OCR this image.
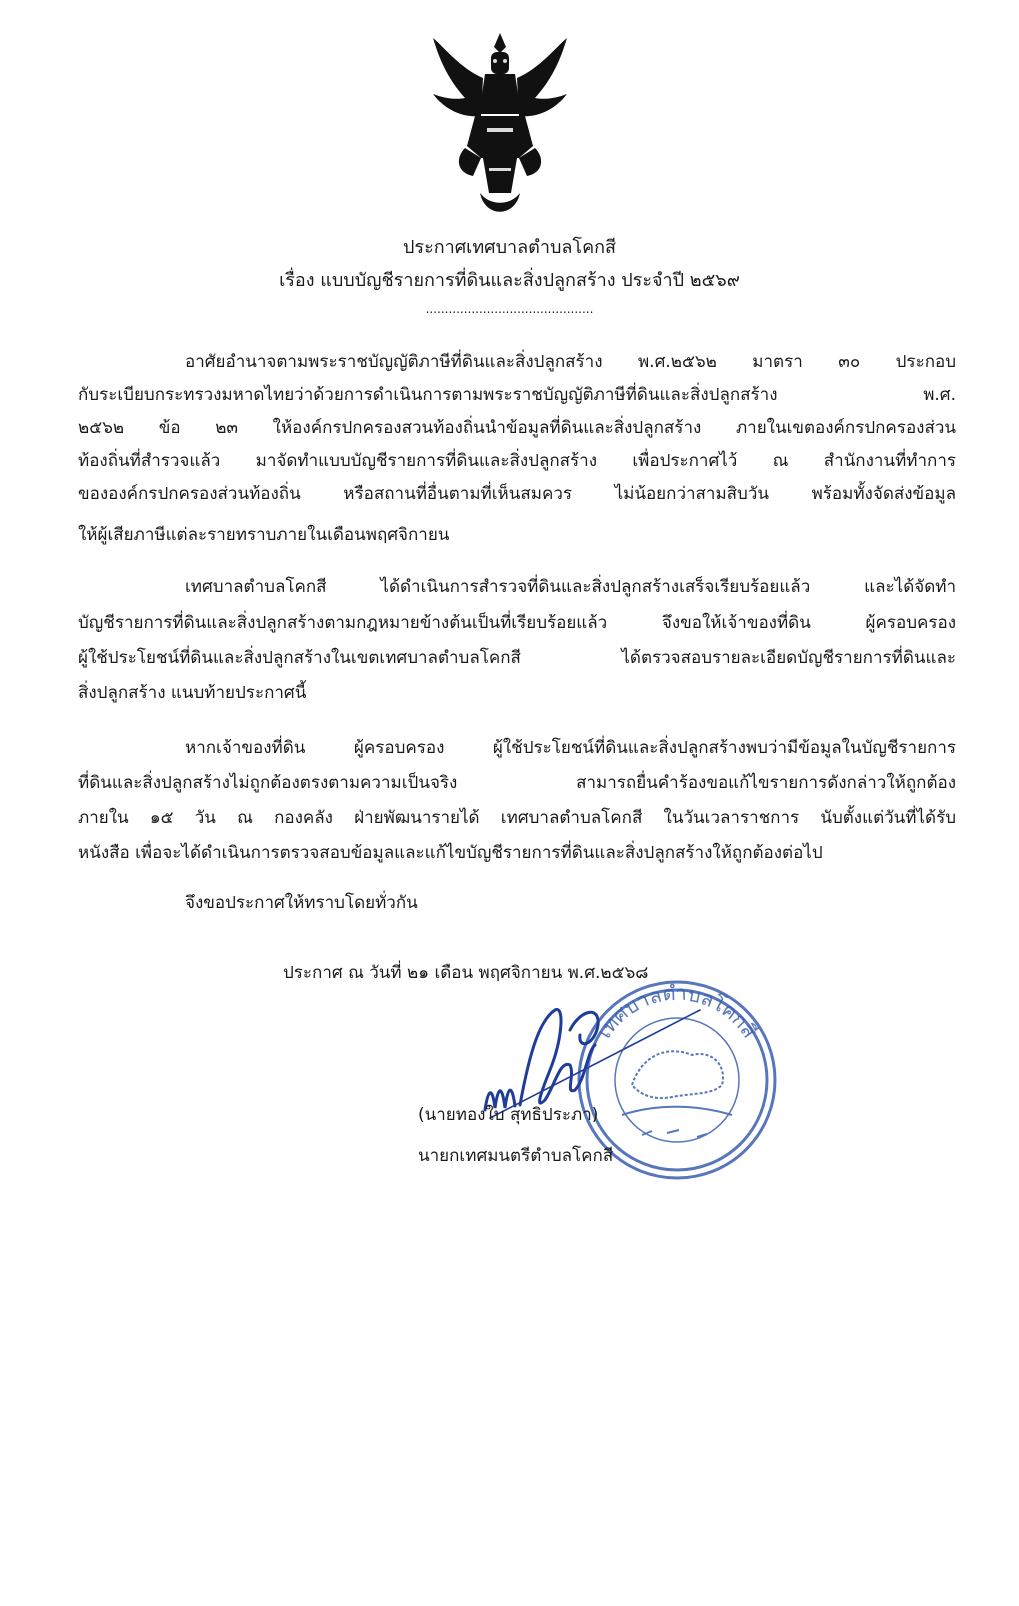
ประกาศเทศบาลตำบลโคกสี
เรื่อง แบบบัญชีรายการที่ดินและสิ่งปลูกสร้าง ประจำปี ๒๕๖๙
............................................
อาศัยอำนาจตามพระราชบัญญัติภาษีที่ดินและสิ่งปลูกสร้าง พ.ศ.๒๕๖๒ มาตรา ๓๐ ประกอบ
กับระเบียบกระทรวงมหาดไทยว่าด้วยการดำเนินการตามพระราชบัญญัติภาษีที่ดินและสิ่งปลูกสร้าง พ.ศ.
๒๕๖๒ ข้อ ๒๓ ให้องค์กรปกครองสวนท้องถิ่นนำข้อมูลที่ดินและสิ่งปลูกสร้าง ภายในเขตองค์กรปกครองส่วน
ท้องถิ่นที่สำรวจแล้ว มาจัดทำแบบบัญชีรายการที่ดินและสิ่งปลูกสร้าง เพื่อประกาศไว้ ณ สำนักงานที่ทำการ
ขององค์กรปกครองส่วนท้องถิ่น หรือสถานที่อื่นตามที่เห็นสมควร ไม่น้อยกว่าสามสิบวัน พร้อมทั้งจัดส่งข้อมูล
ให้ผู้เสียภาษีแต่ละรายทราบภายในเดือนพฤศจิกายน
เทศบาลตำบลโคกสี ได้ดำเนินการสำรวจที่ดินและสิ่งปลูกสร้างเสร็จเรียบร้อยแล้ว และได้จัดทำ
บัญชีรายการที่ดินและสิ่งปลูกสร้างตามกฎหมายข้างต้นเป็นที่เรียบร้อยแล้ว จึงขอให้เจ้าของที่ดิน ผู้ครอบครอง
ผู้ใช้ประโยชน์ที่ดินและสิ่งปลูกสร้างในเขตเทศบาลตำบลโคกสี ได้ตรวจสอบรายละเอียดบัญชีรายการที่ดินและ
สิ่งปลูกสร้าง แนบท้ายประกาศนี้
หากเจ้าของที่ดิน ผู้ครอบครอง ผู้ใช้ประโยชน์ที่ดินและสิ่งปลูกสร้างพบว่ามีข้อมูลในบัญชีรายการ
ที่ดินและสิ่งปลูกสร้างไม่ถูกต้องตรงตามความเป็นจริง สามารถยื่นคำร้องขอแก้ไขรายการดังกล่าวให้ถูกต้อง
ภายใน ๑๕ วัน ณ กองคลัง ฝ่ายพัฒนารายได้ เทศบาลตำบลโคกสี ในวันเวลาราชการ นับตั้งแต่วันที่ได้รับ
หนังสือ เพื่อจะได้ดำเนินการตรวจสอบข้อมูลและแก้ไขบัญชีรายการที่ดินและสิ่งปลูกสร้างให้ถูกต้องต่อไป
จึงขอประกาศให้ทราบโดยทั่วกัน
ประกาศ ณ วันที่ ๒๑ เดือน พฤศจิกายน พ.ศ.๒๕๖๘
เทศบาลตำบลโคกสี
(นายทองใบ สุทธิประภา)
นายกเทศมนตรีตำบลโคกสี
